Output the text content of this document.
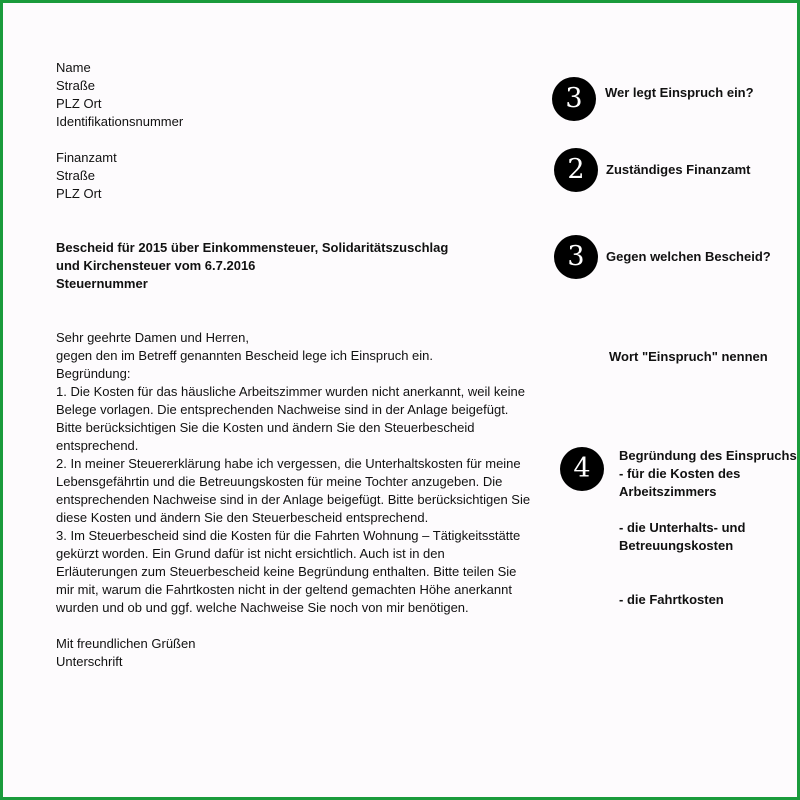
Name

Straße

PLZ Ort

Identifikationsnummer

Finanzamt

Straße

PLZ Ort

Bescheid für 2015 über Einkommensteuer, Solidaritätszuschlag

und Kirchensteuer vom 6.7.2016

Steuernummer

Sehr geehrte Damen und Herren,

gegen den im Betreff genannten Bescheid lege ich Einspruch ein.

Begründung:

1. Die Kosten für das häusliche Arbeitszimmer wurden nicht anerkannt, weil keine

Belege vorlagen. Die entsprechenden Nachweise sind in der Anlage beigefügt.

Bitte berücksichtigen Sie die Kosten und ändern Sie den Steuerbescheid

entsprechend.

2. In meiner Steuererklärung habe ich vergessen, die Unterhaltskosten für meine

Lebensgefährtin und die Betreuungskosten für meine Tochter anzugeben. Die

entsprechenden Nachweise sind in der Anlage beigefügt. Bitte berücksichtigen Sie

diese Kosten und ändern Sie den Steuerbescheid entsprechend.

3. Im Steuerbescheid sind die Kosten für die Fahrten Wohnung – Tätigkeitsstätte

gekürzt worden. Ein Grund dafür ist nicht ersichtlich. Auch ist in den

Erläuterungen zum Steuerbescheid keine Begründung enthalten. Bitte teilen Sie

mir mit, warum die Fahrtkosten nicht in der geltend gemachten Höhe anerkannt

wurden und ob und ggf. welche Nachweise Sie noch von mir benötigen.

Mit freundlichen Grüßen

Unterschrift

3	Wer legt Einspruch ein?

2	Zuständiges Finanzamt

3	Gegen welchen Bescheid?

Wort "Einspruch" nennen

4	Begründung des Einspruchs

- für die Kosten des

Arbeitszimmers

- die Unterhalts- und

Betreuungskosten

- die Fahrtkosten
